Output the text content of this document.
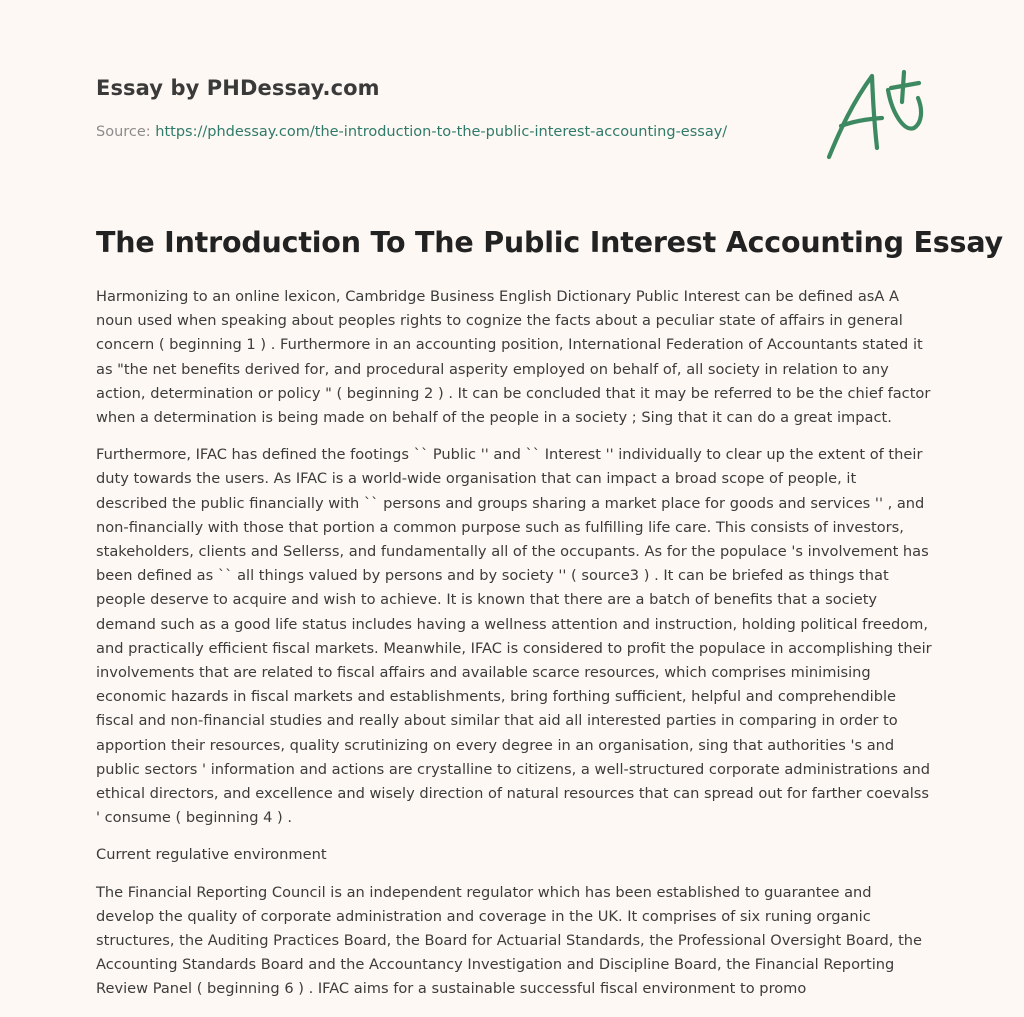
Essay by PHDessay.com
Source: https://phdessay.com/the-introduction-to-the-public-interest-accounting-essay/
The Introduction To The Public Interest Accounting Essay

Harmonizing to an online lexicon, Cambridge Business English Dictionary Public Interest can be defined asA A noun used when speaking about peoples rights to cognize the facts about a peculiar state of affairs in general concern ( beginning 1 ) . Furthermore in an accounting position, International Federation of Accountants stated it as "the net benefits derived for, and procedural asperity employed on behalf of, all society in relation to any action, determination or policy " ( beginning 2 ) . It can be concluded that it may be referred to be the chief factor when a determination is being made on behalf of the people in a society ; Sing that it can do a great impact.

Furthermore, IFAC has defined the footings `` Public '' and `` Interest '' individually to clear up the extent of their duty towards the users. As IFAC is a world-wide organisation that can impact a broad scope of people, it described the public financially with `` persons and groups sharing a market place for goods and services '' , and non-financially with those that portion a common purpose such as fulfilling life care. This consists of investors, stakeholders, clients and Sellerss, and fundamentally all of the occupants. As for the populace 's involvement has been defined as `` all things valued by persons and by society '' ( source3 ) . It can be briefed as things that people deserve to acquire and wish to achieve. It is known that there are a batch of benefits that a society demand such as a good life status includes having a wellness attention and instruction, holding political freedom, and practically efficient fiscal markets. Meanwhile, IFAC is considered to profit the populace in accomplishing their involvements that are related to fiscal affairs and available scarce resources, which comprises minimising economic hazards in fiscal markets and establishments, bring forthing sufficient, helpful and comprehendible fiscal and non-financial studies and really about similar that aid all interested parties in comparing in order to apportion their resources, quality scrutinizing on every degree in an organisation, sing that authorities 's and public sectors ' information and actions are crystalline to citizens, a well-structured corporate administrations and ethical directors, and excellence and wisely direction of natural resources that can spread out for farther coevalss ' consume ( beginning 4 ) .

Current regulative environment

The Financial Reporting Council is an independent regulator which has been established to guarantee and develop the quality of corporate administration and coverage in the UK. It comprises of six runing organic structures, the Auditing Practices Board, the Board for Actuarial Standards, the Professional Oversight Board, the Accounting Standards Board and the Accountancy Investigation and Discipline Board, the Financial Reporting Review Panel ( beginning 6 ) . IFAC aims for a sustainable successful fiscal environment to promo
